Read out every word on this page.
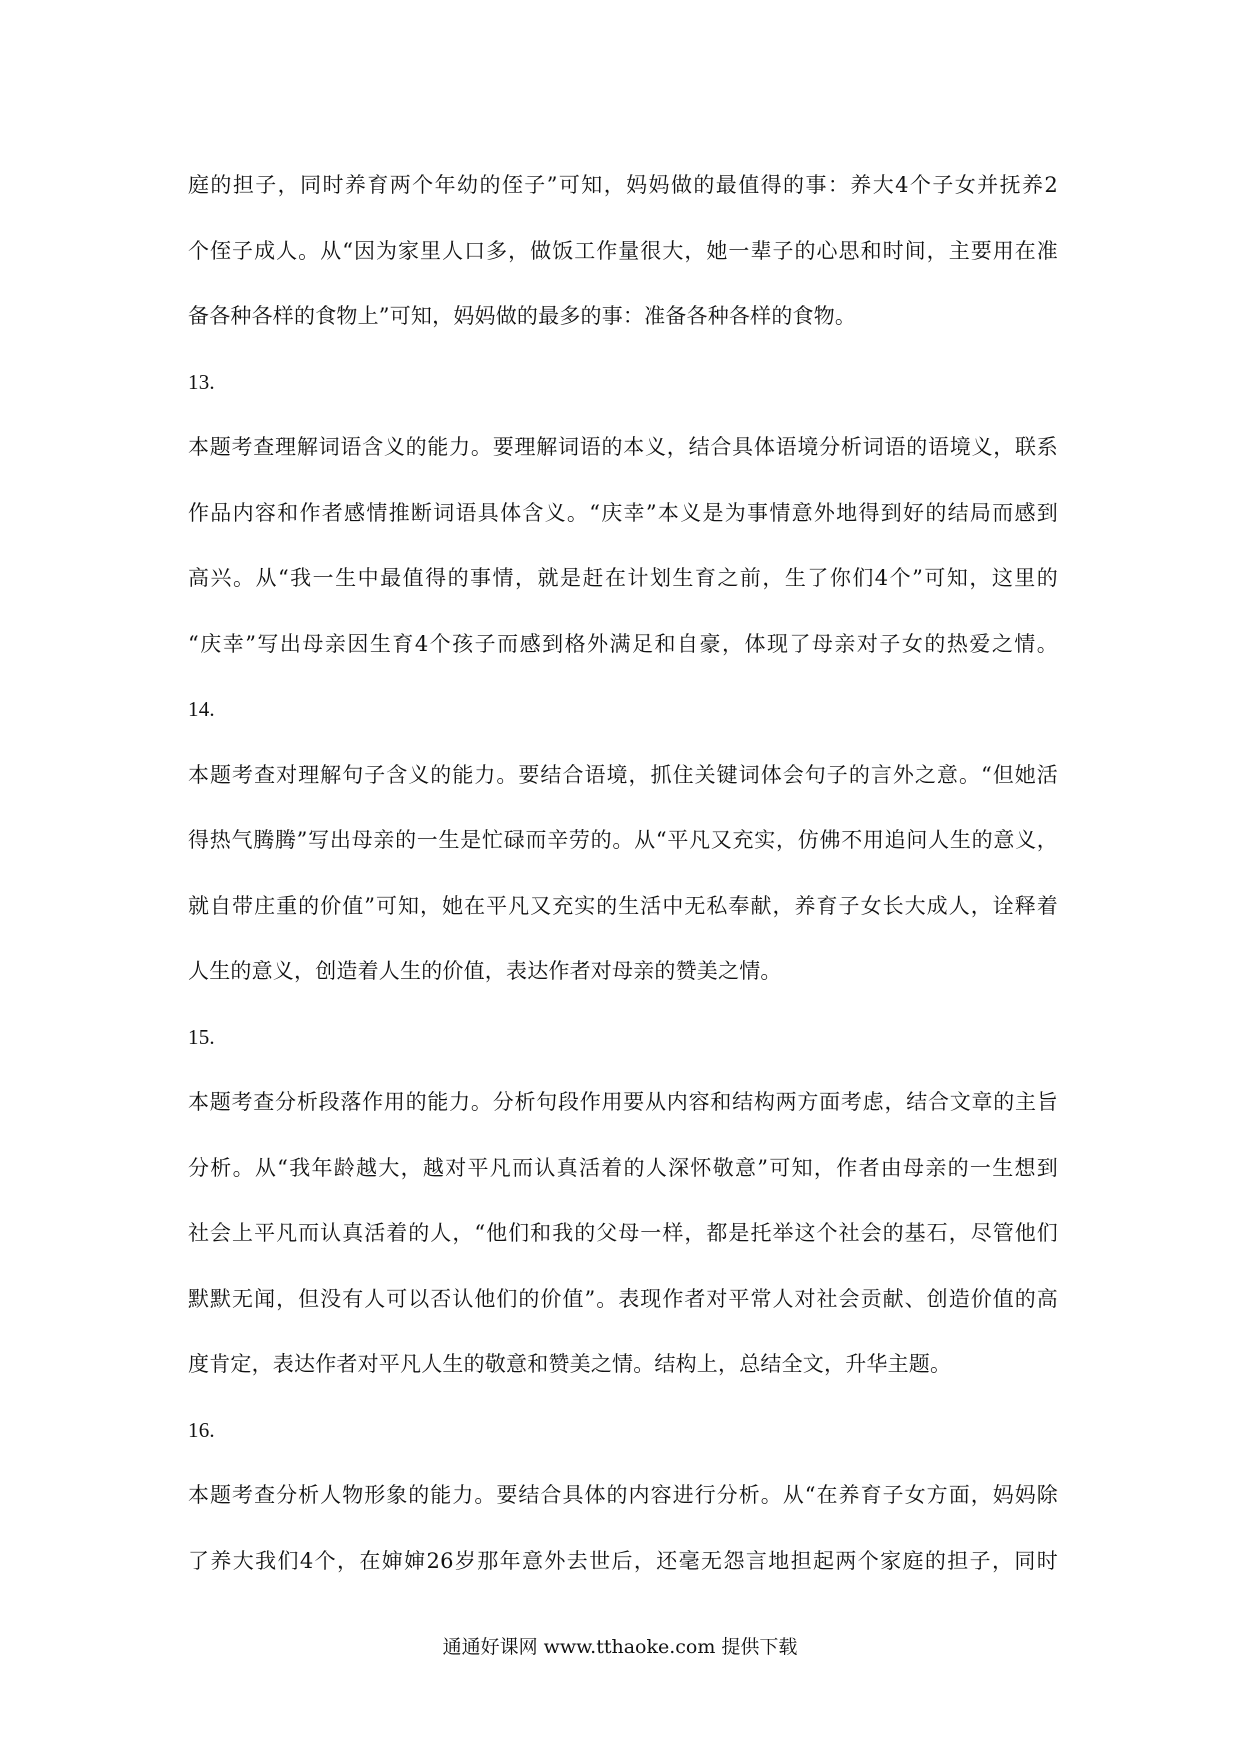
庭的担子，同时养育两个年幼的侄子”可知，妈妈做的最值得的事：养大4个子女并抚养2
个侄子成人。从“因为家里人口多，做饭工作量很大，她一辈子的心思和时间，主要用在准
备各种各样的食物上”可知，妈妈做的最多的事：准备各种各样的食物。
13.
本题考查理解词语含义的能力。要理解词语的本义，结合具体语境分析词语的语境义，联系
作品内容和作者感情推断词语具体含义。“庆幸”本义是为事情意外地得到好的结局而感到
高兴。从“我一生中最值得的事情，就是赶在计划生育之前，生了你们4个”可知，这里的
“庆幸”写出母亲因生育4个孩子而感到格外满足和自豪，体现了母亲对子女的热爱之情。
14.
本题考查对理解句子含义的能力。要结合语境，抓住关键词体会句子的言外之意。“但她活
得热气腾腾”写出母亲的一生是忙碌而辛劳的。从“平凡又充实，仿佛不用追问人生的意义，
就自带庄重的价值”可知，她在平凡又充实的生活中无私奉献，养育子女长大成人，诠释着
人生的意义，创造着人生的价值，表达作者对母亲的赞美之情。
15.
本题考查分析段落作用的能力。分析句段作用要从内容和结构两方面考虑，结合文章的主旨
分析。从“我年龄越大，越对平凡而认真活着的人深怀敬意”可知，作者由母亲的一生想到
社会上平凡而认真活着的人，“他们和我的父母一样，都是托举这个社会的基石，尽管他们
默默无闻，但没有人可以否认他们的价值”。表现作者对平常人对社会贡献、创造价值的高
度肯定，表达作者对平凡人生的敬意和赞美之情。结构上，总结全文，升华主题。
16.
本题考查分析人物形象的能力。要结合具体的内容进行分析。从“在养育子女方面，妈妈除
了养大我们4个，在婶婶26岁那年意外去世后，还毫无怨言地担起两个家庭的担子，同时
通通好课网 www.tthaoke.com 提供下载
